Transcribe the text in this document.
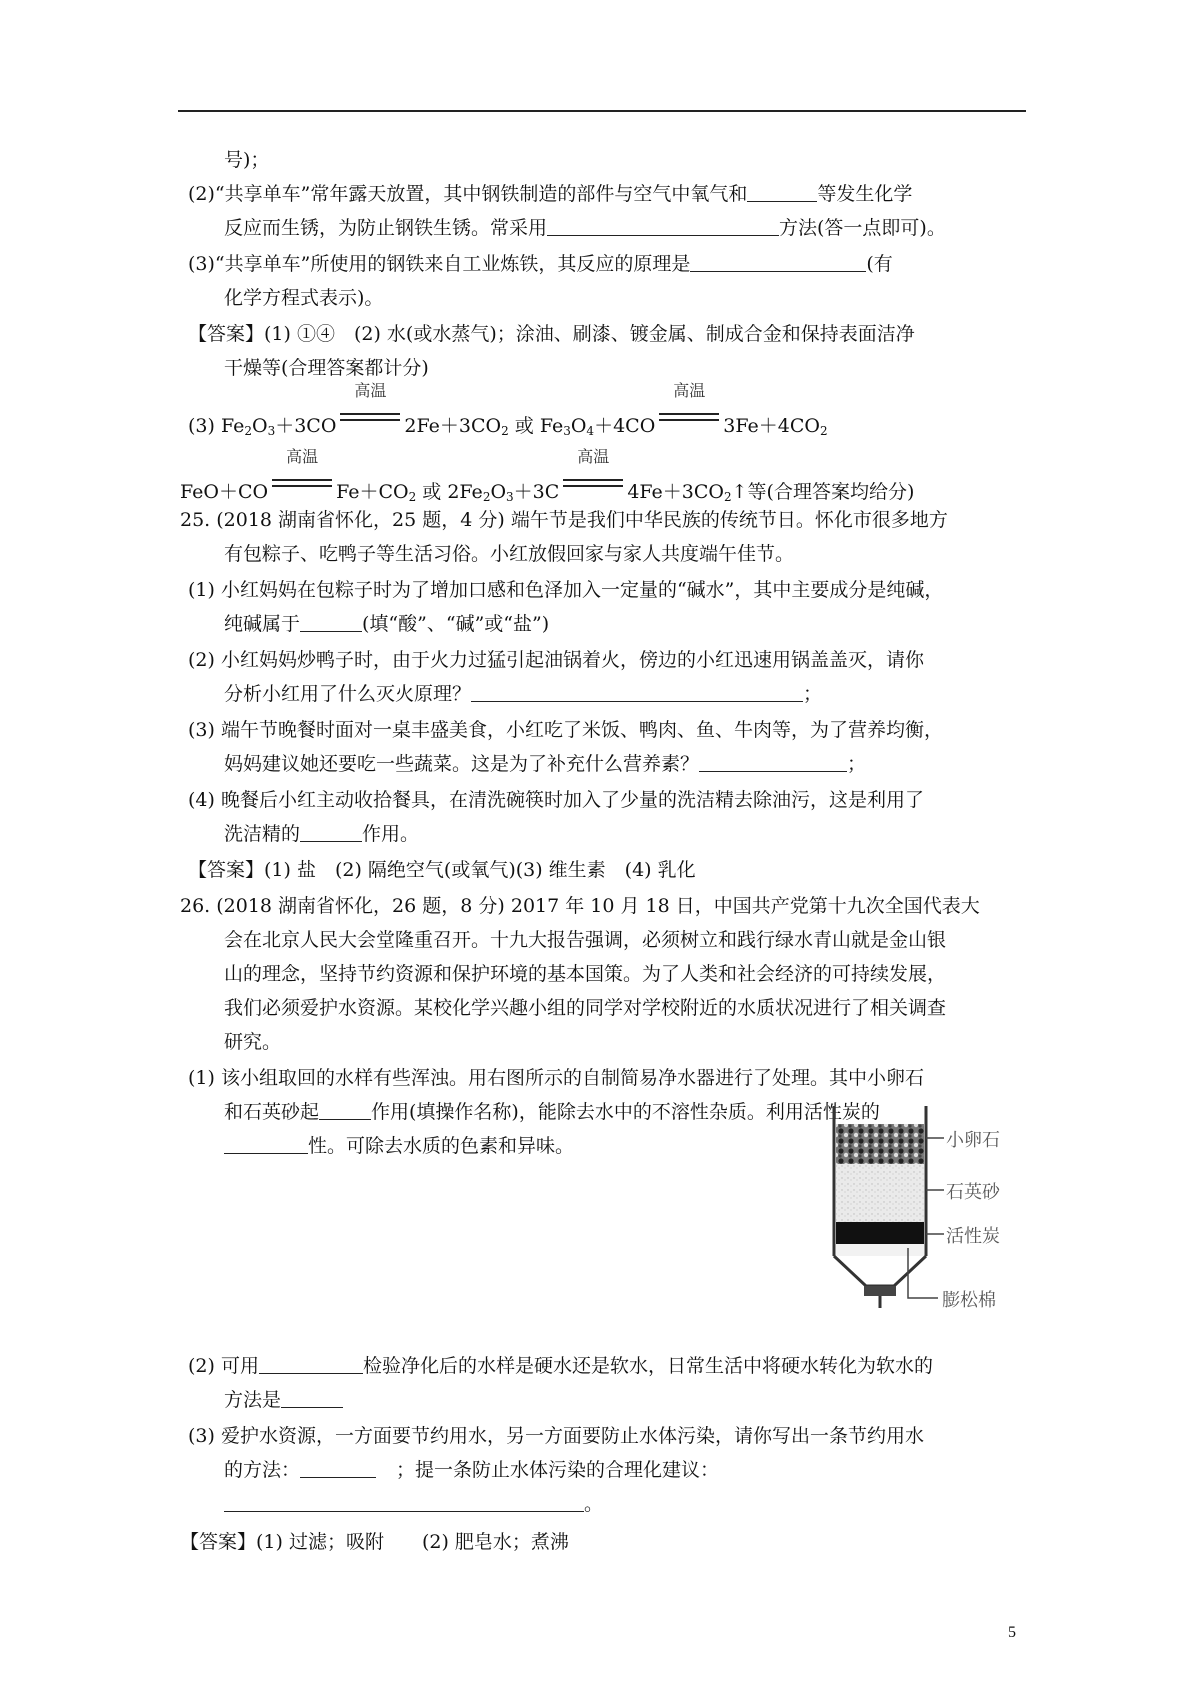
号)；
(2)“共享单车”常年露天放置，其中钢铁制造的部件与空气中氧气和	等发生化学
反应而生锈，为防止钢铁生锈。常采用	方法(答一点即可)。
(3)“共享单车”所使用的钢铁来自工业炼铁，其反应的原理是	(有
化学方程式表示)。
【答案】(1) ①④　(2) 水(或水蒸气)；涂油、刷漆、镀金属、制成合金和保持表面洁净
干燥等(合理答案都计分)
(3) $Fe_2O_3+3CO$
高温
$2Fe+3CO_2$ 或 $Fe_3O_4+4CO$
高温
$3Fe+4CO_2$
FeO＋CO
高温
$Fe+CO_2$ 或 $2Fe_2O_3+3C$
高温
$4Fe+3CO_2↑$等(合理答案均给分)
25. (2018 湖南省怀化，25 题，4 分) 端午节是我们中华民族的传统节日。怀化市很多地方
有包粽子、吃鸭子等生活习俗。小红放假回家与家人共度端午佳节。
(1) 小红妈妈在包粽子时为了增加口感和色泽加入一定量的“碱水”，其中主要成分是纯碱，
纯碱属于	(填“酸”、“碱”或“盐”)
(2) 小红妈妈炒鸭子时，由于火力过猛引起油锅着火，傍边的小红迅速用锅盖盖灭，请你
分析小红用了什么灭火原理？	；
(3) 端午节晚餐时面对一桌丰盛美食，小红吃了米饭、鸭肉、鱼、牛肉等，为了营养均衡，
妈妈建议她还要吃一些蔬菜。这是为了补充什么营养素？	；
(4) 晚餐后小红主动收拾餐具，在清洗碗筷时加入了少量的洗洁精去除油污，这是利用了
洗洁精的	作用。
【答案】(1) 盐　(2) 隔绝空气(或氧气)(3) 维生素　(4) 乳化
26. (2018 湖南省怀化，26 题，8 分) 2017 年 10 月 18 日，中国共产党第十九次全国代表大
会在北京人民大会堂隆重召开。十九大报告强调，必须树立和践行绿水青山就是金山银
山的理念，坚持节约资源和保护环境的基本国策。为了人类和社会经济的可持续发展，
我们必须爱护水资源。某校化学兴趣小组的同学对学校附近的水质状况进行了相关调查
研究。
(1) 该小组取回的水样有些浑浊。用右图所示的自制简易净水器进行了处理。其中小卵石
和石英砂起	作用(填操作名称)，能除去水中的不溶性杂质。利用活性炭的
性。可除去水质的色素和异味。	小卵石
石英砂
活性炭
膨松棉
(2) 可用	检验净化后的水样是硬水还是软水，日常生活中将硬水转化为软水的
方法是
(3) 爱护水资源，一方面要节约用水，另一方面要防止水体污染，请你写出一条节约用水
的方法：	；提一条防止水体污染的合理化建议：
。
【答案】(1) 过滤；吸附　　(2) 肥皂水；煮沸
5
